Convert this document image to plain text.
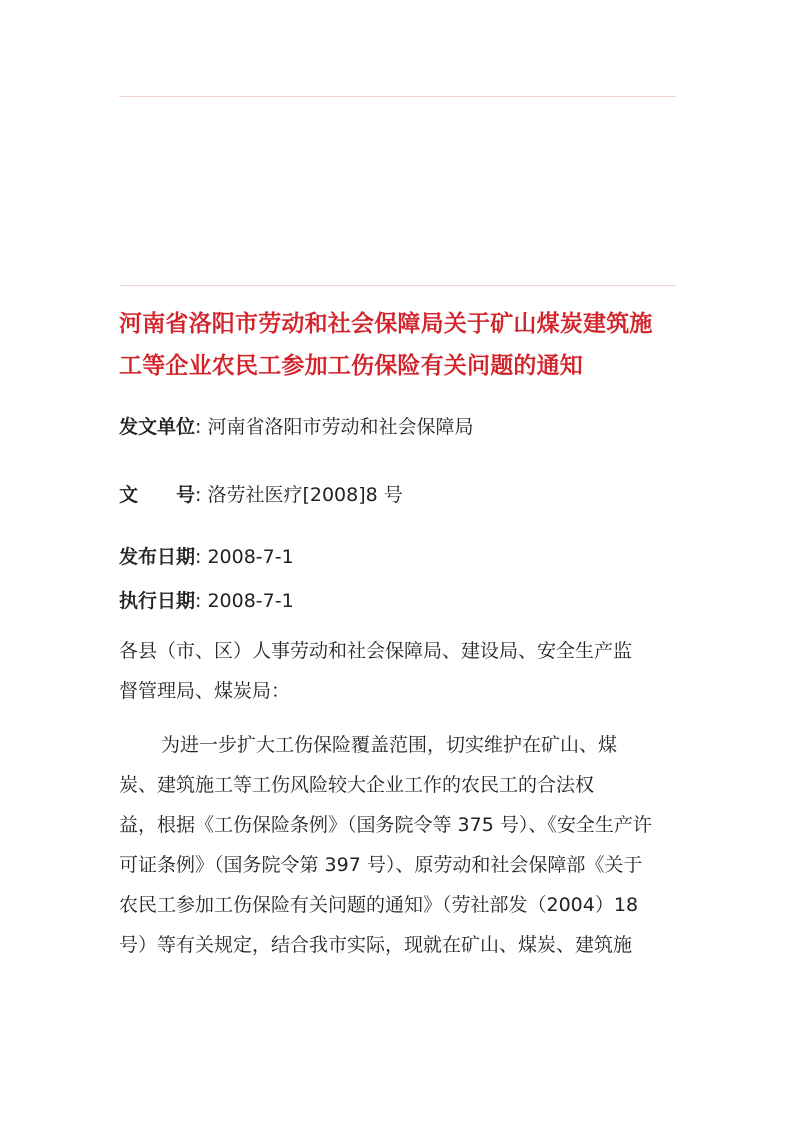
河南省洛阳市劳动和社会保障局关于矿山煤炭建筑施
工等企业农民工参加工伤保险有关问题的通知
发文单位: 河南省洛阳市劳动和社会保障局
文 号: 洛劳社医疗[2008]8 号
发布日期: 2008-7-1
执行日期: 2008-7-1
各县（市、区）人事劳动和社会保障局、建设局、安全生产监
督管理局、煤炭局：
为进一步扩大工伤保险覆盖范围，切实维护在矿山、煤
炭、建筑施工等工伤风险较大企业工作的农民工的合法权
益，根据《工伤保险条例》（国务院令等 375 号）、《安全生产许
可证条例》（国务院令第 397 号）、原劳动和社会保障部《关于
农民工参加工伤保险有关问题的通知》（劳社部发（2004）18
号）等有关规定，结合我市实际，现就在矿山、煤炭、建筑施
